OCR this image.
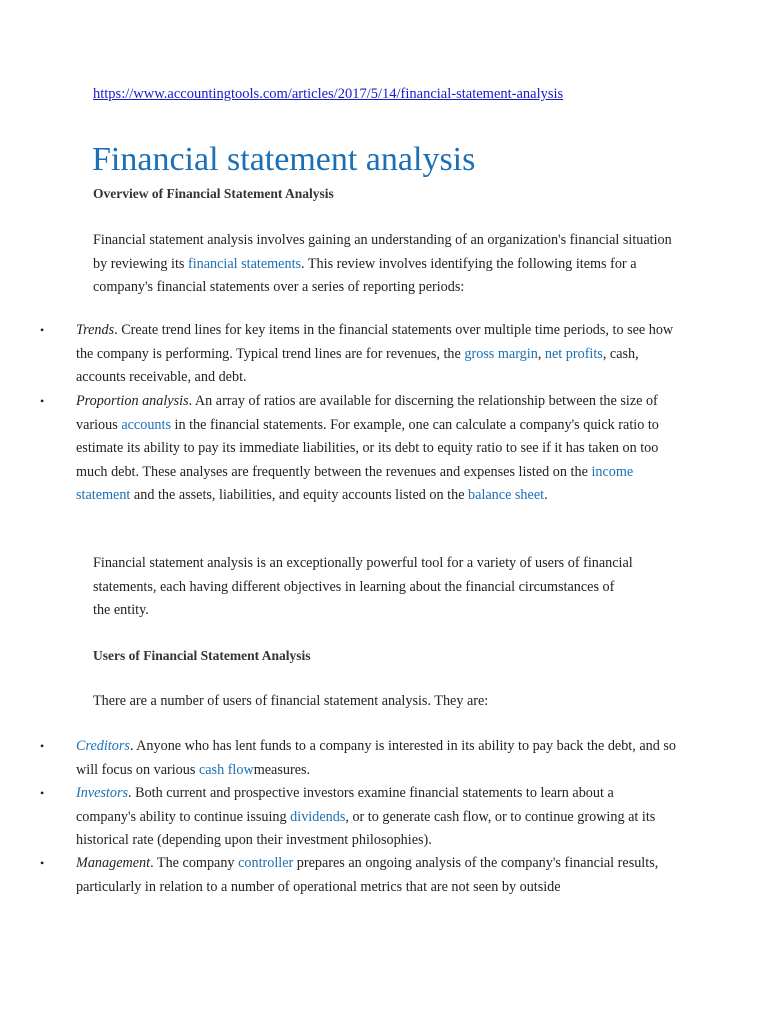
https://www.accountingtools.com/articles/2017/5/14/financial-statement-analysis
Financial statement analysis
Overview of Financial Statement Analysis

Financial statement analysis involves gaining an understanding of an organization's financial situation by reviewing its financial statements. This review involves identifying the following items for a company's financial statements over a series of reporting periods:

• Trends. Create trend lines for key items in the financial statements over multiple time periods, to see how the company is performing. Typical trend lines are for revenues, the gross margin, net profits, cash, accounts receivable, and debt.
• Proportion analysis. An array of ratios are available for discerning the relationship between the size of various accounts in the financial statements. For example, one can calculate a company's quick ratio to estimate its ability to pay its immediate liabilities, or its debt to equity ratio to see if it has taken on too much debt. These analyses are frequently between the revenues and expenses listed on the income statement and the assets, liabilities, and equity accounts listed on the balance sheet.

Financial statement analysis is an exceptionally powerful tool for a variety of users of financial statements, each having different objectives in learning about the financial circumstances of the entity.

Users of Financial Statement Analysis

There are a number of users of financial statement analysis. They are:

• Creditors. Anyone who has lent funds to a company is interested in its ability to pay back the debt, and so will focus on various cash flowmeasures.
• Investors. Both current and prospective investors examine financial statements to learn about a company's ability to continue issuing dividends, or to generate cash flow, or to continue growing at its historical rate (depending upon their investment philosophies).
• Management. The company controller prepares an ongoing analysis of the company's financial results, particularly in relation to a number of operational metrics that are not seen by outside
